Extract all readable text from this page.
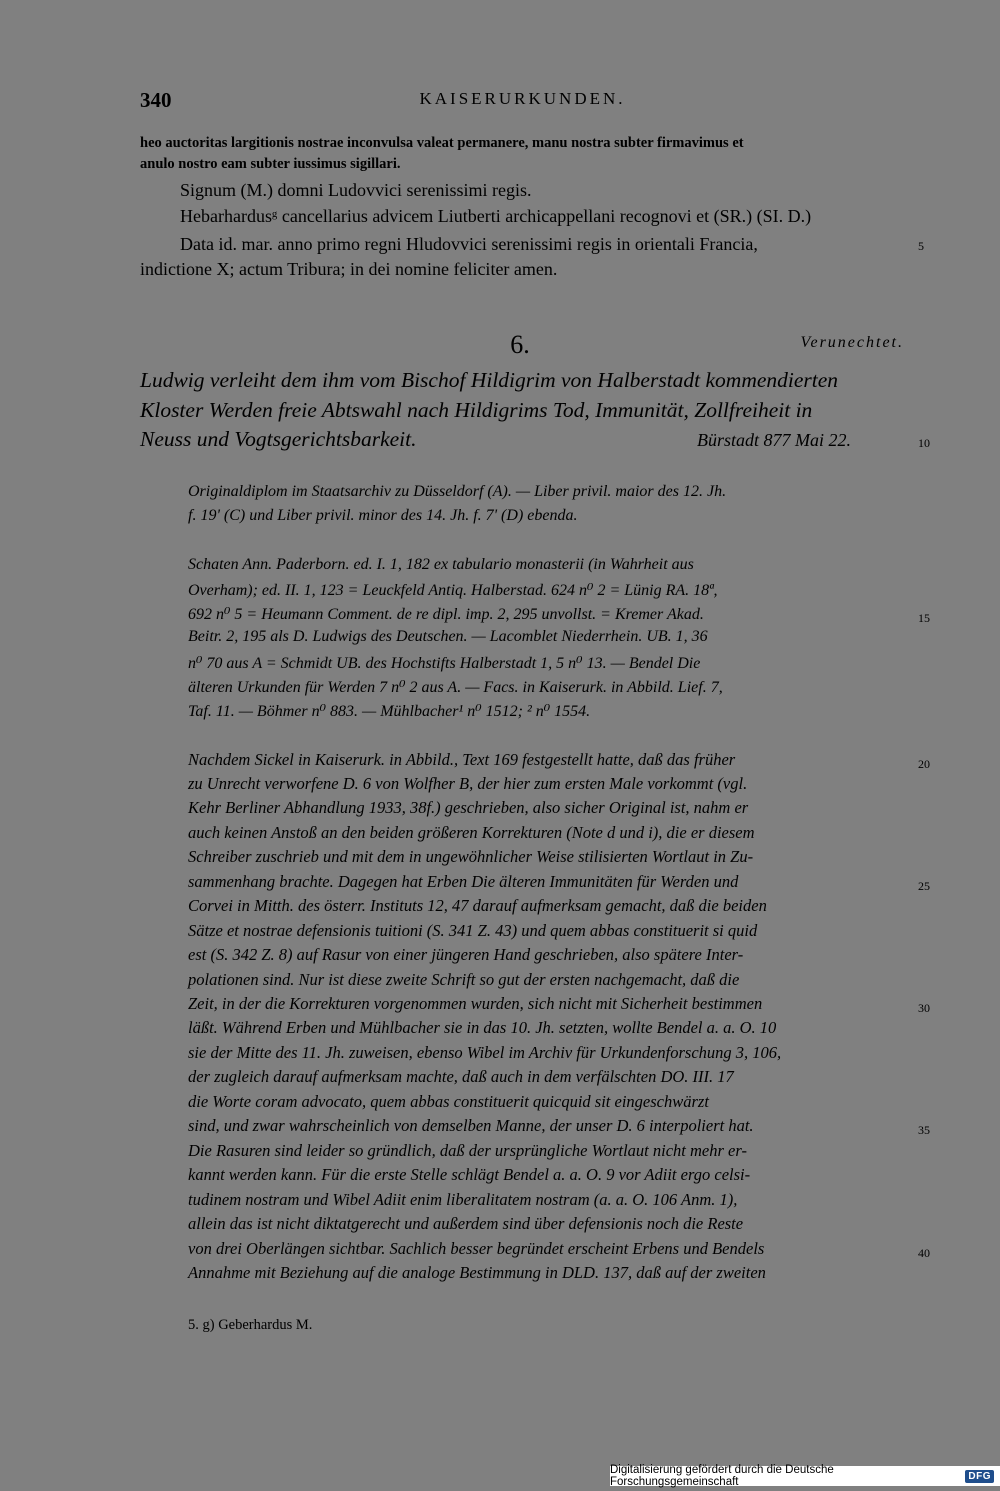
340	KAISERURKUNDEN.
heo auctoritas largitionis nostrae inconvulsa valeat permanere, manu nostra subter firmavimus et
anulo nostro eam subter iussimus sigillari.
Signum (M.) domni Ludovvici serenissimi regis.
Hebarhardusᵍ cancellarius advicem Liutberti archicappellani recognovi et (SR.) (SI. D.)
Data id. mar. anno primo regni Hludovvici serenissimi regis in orientali Francia,
indictione X; actum Tribura; in dei nomine feliciter amen.
5
6.	Verunechtet.
Ludwig verleiht dem ihm vom Bischof Hildigrim von Halberstadt kommendierten
Kloster Werden freie Abtswahl nach Hildigrims Tod, Immunität, Zollfreiheit in
Neuss und Vogtsgerichtsbarkeit.	Bürstadt 877 Mai 22.	10
Originaldiplom im Staatsarchiv zu Düsseldorf (A). — Liber privil. maior des 12. Jh.
f. 19' (C) und Liber privil. minor des 14. Jh. f. 7' (D) ebenda.
Schaten Ann. Paderborn. ed. I. 1, 182 ex tabulario monasterii (in Wahrheit aus
Overham); ed. II. 1, 123 = Leuckfeld Antiq. Halberstad. 624 n⁰ 2 = Lünig RA. 18ª,
692 n⁰ 5 = Heumann Comment. de re dipl. imp. 2, 295 unvollst. = Kremer Akad.
Beitr. 2, 195 als D. Ludwigs des Deutschen. — Lacomblet Niederrhein. UB. 1, 36
n⁰ 70 aus A = Schmidt UB. des Hochstifts Halberstadt 1, 5 n⁰ 13. — Bendel Die
älteren Urkunden für Werden 7 n⁰ 2 aus A. — Facs. in Kaiserurk. in Abbild. Lief. 7,
Taf. 11. — Böhmer n⁰ 883. — Mühlbacher¹ n⁰ 1512; ² n⁰ 1554.
15
Nachdem Sickel in Kaiserurk. in Abbild., Text 169 festgestellt hatte, daß das früher
zu Unrecht verworfene D. 6 von Wolfher B, der hier zum ersten Male vorkommt (vgl.
Kehr Berliner Abhandlung 1933, 38f.) geschrieben, also sicher Original ist, nahm er
auch keinen Anstoß an den beiden größeren Korrekturen (Note d und i), die er diesem
Schreiber zuschrieb und mit dem in ungewöhnlicher Weise stilisierten Wortlaut in Zu-
sammenhang brachte. Dagegen hat Erben Die älteren Immunitäten für Werden und
Corvei in Mitth. des österr. Instituts 12, 47 darauf aufmerksam gemacht, daß die beiden
Sätze et nostrae defensionis tuitioni (S. 341 Z. 43) und quem abbas constituerit si quid
est (S. 342 Z. 8) auf Rasur von einer jüngeren Hand geschrieben, also spätere Inter-
polationen sind. Nur ist diese zweite Schrift so gut der ersten nachgemacht, daß die
Zeit, in der die Korrekturen vorgenommen wurden, sich nicht mit Sicherheit bestimmen
läßt. Während Erben und Mühlbacher sie in das 10. Jh. setzten, wollte Bendel a. a. O. 10
sie der Mitte des 11. Jh. zuweisen, ebenso Wibel im Archiv für Urkundenforschung 3, 106,
der zugleich darauf aufmerksam machte, daß auch in dem verfälschten DO. III. 17
die Worte coram advocato, quem abbas constituerit quicquid sit eingeschwärzt
sind, und zwar wahrscheinlich von demselben Manne, der unser D. 6 interpoliert hat.
Die Rasuren sind leider so gründlich, daß der ursprüngliche Wortlaut nicht mehr er-
kannt werden kann. Für die erste Stelle schlägt Bendel a. a. O. 9 vor Adiit ergo celsi-
tudinem nostram und Wibel Adiit enim liberalitatem nostram (a. a. O. 106 Anm. 1),
allein das ist nicht diktatgerecht und außerdem sind über defensionis noch die Reste
von drei Oberlängen sichtbar. Sachlich besser begründet erscheint Erbens und Bendels
Annahme mit Beziehung auf die analoge Bestimmung in DLD. 137, daß auf der zweiten
20
25
30
35
40
5. g) Geberhardus M.
Digitalisierung gefördert durch die Deutsche Forschungsgemeinschaft	DFG
